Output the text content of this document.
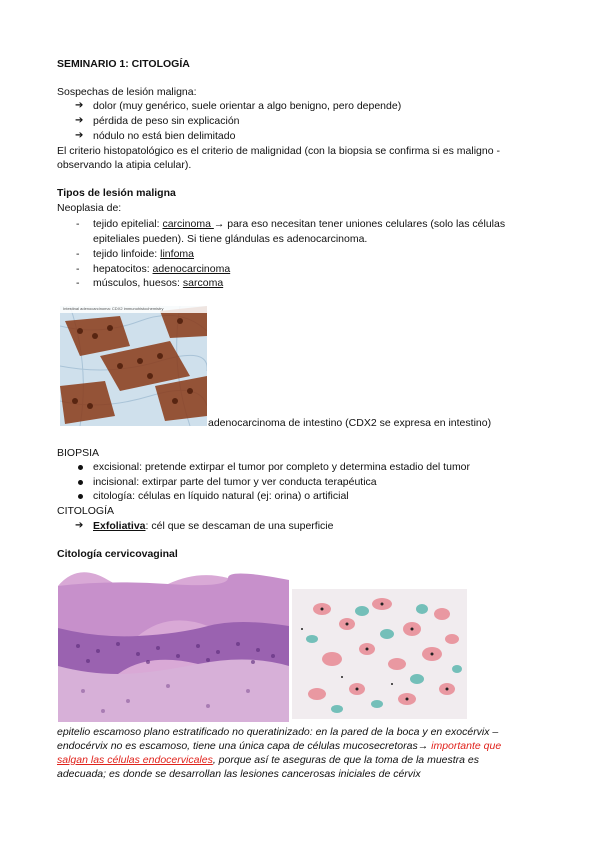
SEMINARIO 1: CITOLOGÍA
Sospechas de lesión maligna:
➔ dolor (muy genérico, suele orientar a algo benigno, pero depende)
➔ pérdida de peso sin explicación
➔ nódulo no está bien delimitado
El criterio histopatológico es el criterio de malignidad (con la biopsia se confirma si es maligno -
observando la atipia celular).
Tipos de lesión maligna
Neoplasia de:
- tejido epitelial: carcinoma → para eso necesitan tener uniones celulares (solo las células
epiteliales pueden). Si tiene glándulas es adenocarcinoma.
- tejido linfoide: linfoma
- hepatocitos: adenocarcinoma
- músculos, huesos: sarcoma
Intestinal adenocarcinoma: CDX2 immunohistochemistry
adenocarcinoma de intestino (CDX2 se expresa en intestino)
BIOPSIA
excisional: pretende extirpar el tumor por completo y determina estadio del tumor
incisional: extirpar parte del tumor y ver conducta terapéutica
citología: células en líquido natural (ej: orina) o artificial
CITOLOGÍA
➔ Exfoliativa: cél que se descaman de una superficie
Citología cervicovaginal
epitelio escamoso plano estratificado no queratinizado: en la pared de la boca y en exocérvix –
endocérvix no es escamoso, tiene una única capa de células mucosecretoras→ importante que
salgan las células endocervicales, porque así te aseguras de que la toma de la muestra es
adecuada; es donde se desarrollan las lesiones cancerosas iniciales de cérvix
